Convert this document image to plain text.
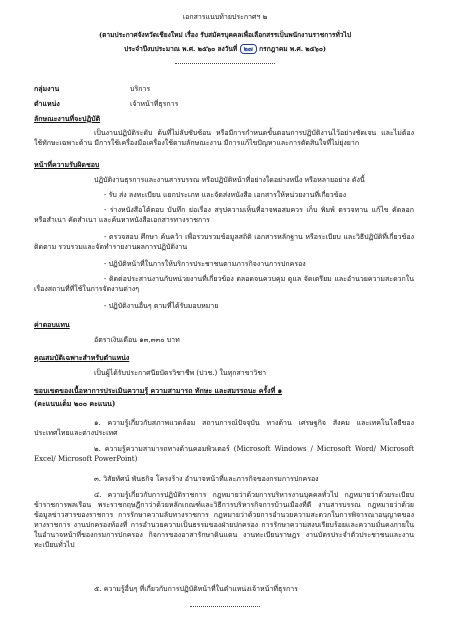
เอกสารแนบท้ายประกาศฯ ๒
(ตามประกาศจังหวัดเชียงใหม่ เรื่อง รับสมัครบุคคลเพื่อเลือกสรรเป็นพนักงานราชการทั่วไป
ประจำปีงบประมาณ พ.ศ. ๒๕๖๐ ลงวันที่ ๒๗ กรกฎาคม พ.ศ. ๒๕๖๐)
กลุ่มงาน	บริการ
ตำแหน่ง	เจ้าหน้าที่ธุรการ
ลักษณะงานที่จะปฏิบัติ
เป็นงานปฏิบัติระดับ ต้นที่ไม่ลับซับซ้อน หรือมีการกำหนดขั้นตอนการปฏิบัติงานไว้อย่างชัดเจน และไม่ต้องใช้ทักษะเฉพาะด้าน มีการใช้เครื่องมือเครื่องใช้ตามลักษณะงาน มีการแก้ไขปัญหาและการตัดสินใจที่ไม่ยุ่งยาก
หน้าที่ความรับผิดชอบ
ปฏิบัติงานธุรการและงานสารบรรณ หรือปฏิบัติหน้าที่อย่างใดอย่างหนึ่ง หรือหลายอย่าง ดังนี้
- รับ ส่ง ลงทะเบียน แยกประเภท และจัดส่งหนังสือ เอกสารให้หน่วยงานที่เกี่ยวข้อง
- ร่างหนังสือโต้ตอบ บันทึก ย่อเรื่อง สรุปความเห็นที่อาจพอสมควร เก็บ พิมพ์ ตรวจทาน แก้ไข คัดลอกหรือสำเนา คัดสำเนา และค้นหาหนังสือเอกสารทางราชการ
- ตรวจสอบ ศึกษา ค้นคว้า เพื่อรวบรวมข้อมูลสถิติ เอกสารหลักฐาน หรือระเบียบ และวิธีปฏิบัติที่เกี่ยวข้อง ติดตาม รวบรวมและจัดทำรายงานผลการปฏิบัติงาน
- ปฏิบัติหน้าที่ในการให้บริการประชาชนตามภารกิจงานการปกครอง
- ติดต่อประสานงานกับหน่วยงานที่เกี่ยวข้อง ตลอดจนควบคุม ดูแล จัดเตรียม และอำนวยความสะดวกในเรื่องสถานที่ที่ใช้ในการจัดงานต่างๆ
- ปฏิบัติงานอื่นๆ ตามที่ได้รับมอบหมาย
ค่าตอบแทน
อัตราเงินเดือน ๑๓,๓๓๐ บาท
คุณสมบัติเฉพาะสำหรับตำแหน่ง
เป็นผู้ได้รับประกาศนียบัตรวิชาชีพ (ปวช.) ในทุกสาขาวิชา
ขอบเขตของเนื้อหาการประเมินความรู้ ความสามารถ ทักษะ และสมรรถนะ ครั้งที่ ๑
(คะแนนเต็ม ๒๐๐ คะแนน)
๑. ความรู้เกี่ยวกับสภาพแวดล้อม สถานการณ์ปัจจุบัน ทางด้าน เศรษฐกิจ สังคม และเทคโนโลยีของประเทศไทยและต่างประเทศ
๒. ความรู้ความสามารถทางด้านคอมพิวเตอร์ (Microsoft Windows / Microsoft Word/ Microsoft Excel/ Microsoft PowerPoint)
๓. วิสัยทัศน์ พันธกิจ โครงร้าง อำนาจหน้าที่และภารกิจของกรมการปกครอง
๔. ความรู้เกี่ยวกับการปฏิบัติราชการ กฎหมายว่าด้วยการบริหารงานบุคคลทั่วไป กฎหมายว่าด้วยระเบียบข้าราชการพลเรือน พระราชกฤษฎีกาว่าด้วยหลักเกณฑ์และวิธีการบริหารกิจการบ้านเมืองที่ดี งานสารบรรณ กฎหมายว่าด้วยข้อมูลข่าวสารของราชการ การรักษาความลับทางราชการ กฎหมายว่าด้วยการอำนวยความสะดวกในการพิจารณาอนุญาตของทางราชการ งานปกครองท้องที่ การอำนวยความเป็นธรรมของฝ่ายปกครอง การรักษาความสงบเรียบร้อยและความมั่นคงภายใน ในอำนาจหน้าที่ของกรมการปกครอง กิจการของอาสารักษาดินแดน งานทะเบียนราษฎร งานบัตรประจำตัวประชาชนและงานทะเบียนทั่วไป
๕. ความรู้อื่นๆ ที่เกี่ยวกับการปฏิบัติหน้าที่ในตำแหน่งเจ้าหน้าที่ธุรการ
